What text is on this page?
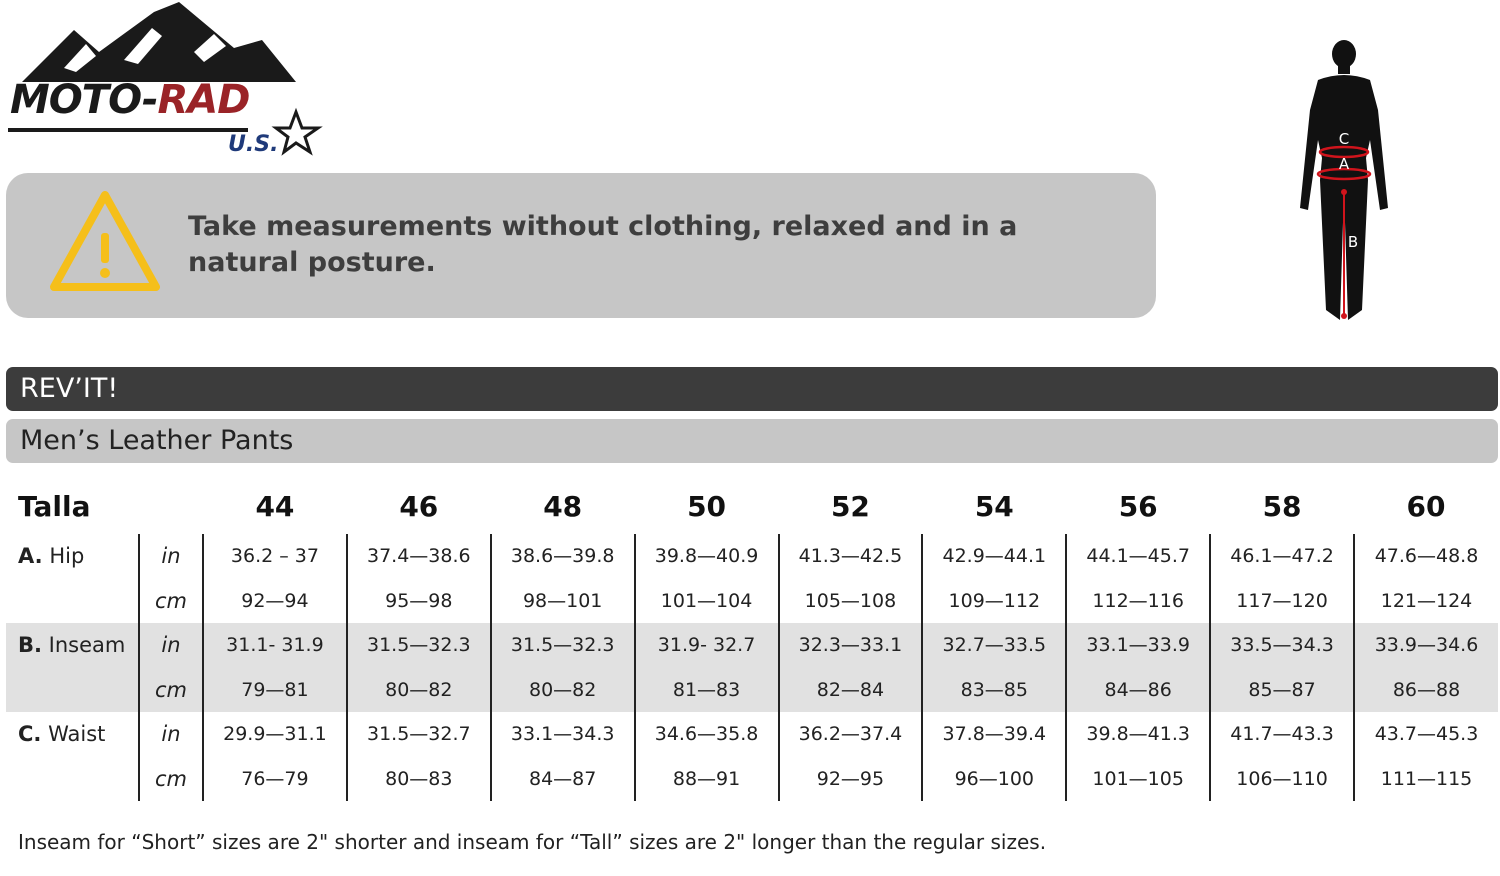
MOTO-RAD
U.S.
Take measurements without clothing, relaxed and in a natural posture.
C
A
B
REV’IT!
Men’s Leather Pants
Talla		44	46	48	50	52	54	56	58	60
A. Hip	in	36.2 – 37	37.4—38.6	38.6—39.8	39.8—40.9	41.3—42.5	42.9—44.1	44.1—45.7	46.1—47.2	47.6—48.8
	cm	92—94	95—98	98—101	101—104	105—108	109—112	112—116	117—120	121—124
B. Inseam	in	31.1- 31.9	31.5—32.3	31.5—32.3	31.9- 32.7	32.3—33.1	32.7—33.5	33.1—33.9	33.5—34.3	33.9—34.6
	cm	79—81	80—82	80—82	81—83	82—84	83—85	84—86	85—87	86—88
C. Waist	in	29.9—31.1	31.5—32.7	33.1—34.3	34.6—35.8	36.2—37.4	37.8—39.4	39.8—41.3	41.7—43.3	43.7—45.3
	cm	76—79	80—83	84—87	88—91	92—95	96—100	101—105	106—110	111—115
Inseam for “Short” sizes are 2" shorter and inseam for “Tall” sizes are 2" longer than the regular sizes.
